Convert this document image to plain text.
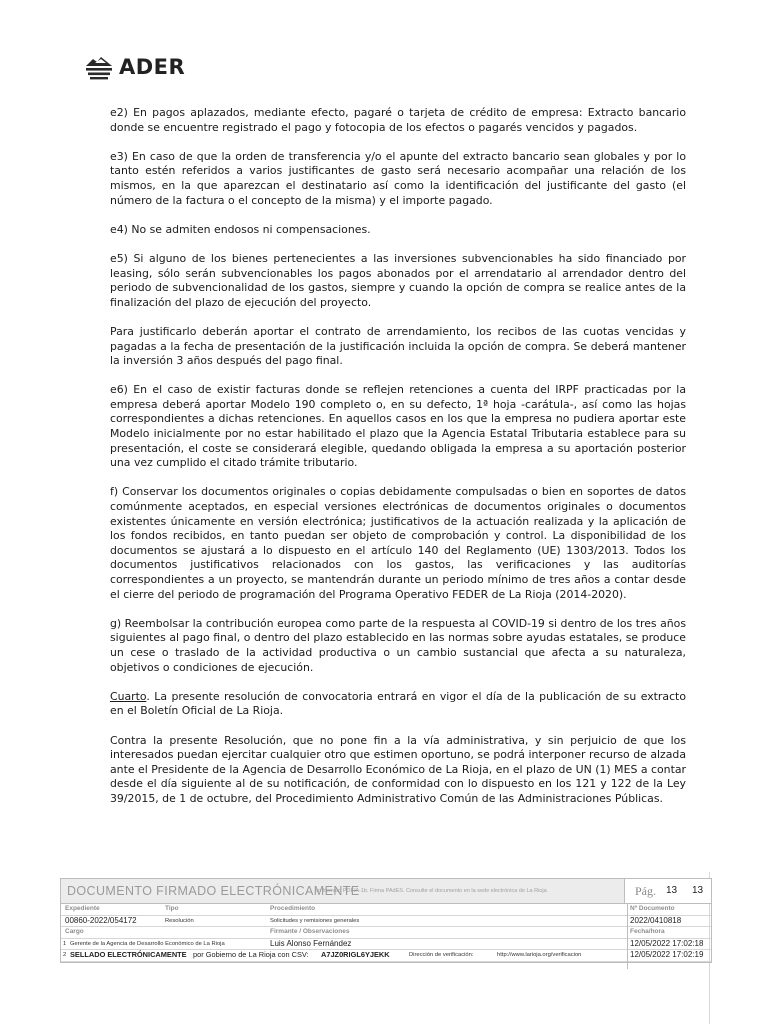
ADER

e2) En pagos aplazados, mediante efecto, pagaré o tarjeta de crédito de empresa: Extracto bancario donde se encuentre registrado el pago y fotocopia de los efectos o pagarés vencidos y pagados.

e3) En caso de que la orden de transferencia y/o el apunte del extracto bancario sean globales y por lo tanto estén referidos a varios justificantes de gasto será necesario acompañar una relación de los mismos, en la que aparezcan el destinatario así como la identificación del justificante del gasto (el número de la factura o el concepto de la misma) y el importe pagado.

e4) No se admiten endosos ni compensaciones.

e5) Si alguno de los bienes pertenecientes a las inversiones subvencionables ha sido financiado por leasing, sólo serán subvencionables los pagos abonados por el arrendatario al arrendador dentro del periodo de subvencionalidad de los gastos, siempre y cuando la opción de compra se realice antes de la finalización del plazo de ejecución del proyecto.

Para justificarlo deberán aportar el contrato de arrendamiento, los recibos de las cuotas vencidas y pagadas a la fecha de presentación de la justificación incluida la opción de compra. Se deberá mantener la inversión 3 años después del pago final.

e6) En el caso de existir facturas donde se reflejen retenciones a cuenta del IRPF practicadas por la empresa deberá aportar Modelo 190 completo o, en su defecto, 1ª hoja -carátula-, así como las hojas correspondientes a dichas retenciones. En aquellos casos en los que la empresa no pudiera aportar este Modelo inicialmente por no estar habilitado el plazo que la Agencia Estatal Tributaria establece para su presentación, el coste se considerará elegible, quedando obligada la empresa a su aportación posterior una vez cumplido el citado trámite tributario.

f) Conservar los documentos originales o copias debidamente compulsadas o bien en soportes de datos comúnmente aceptados, en especial versiones electrónicas de documentos originales o documentos existentes únicamente en versión electrónica; justificativos de la actuación realizada y la aplicación de los fondos recibidos, en tanto puedan ser objeto de comprobación y control. La disponibilidad de los documentos se ajustará a lo dispuesto en el artículo 140 del Reglamento (UE) 1303/2013. Todos los documentos justificativos relacionados con los gastos, las verificaciones y las auditorías correspondientes a un proyecto, se mantendrán durante un periodo mínimo de tres años a contar desde el cierre del periodo de programación del Programa Operativo FEDER de La Rioja (2014-2020).

g) Reembolsar la contribución europea como parte de la respuesta al COVID-19 si dentro de los tres años siguientes al pago final, o dentro del plazo establecido en las normas sobre ayudas estatales, se produce un cese o traslado de la actividad productiva o un cambio sustancial que afecta a su naturaleza, objetivos o condiciones de ejecución.

Cuarto. La presente resolución de convocatoria entrará en vigor el día de la publicación de su extracto en el Boletín Oficial de La Rioja.

Contra la presente Resolución, que no pone fin a la vía administrativa, y sin perjuicio de que los interesados puedan ejercitar cualquier otro que estimen oportuno, se podrá interponer recurso de alzada ante el Presidente de la Agencia de Desarrollo Económico de La Rioja, en el plazo de UN (1) MES a contar desde el día siguiente al de su notificación, de conformidad con lo dispuesto en los 121 y 122 de la Ley 39/2015, de 1 de octubre, del Procedimiento Administrativo Común de las Administraciones Públicas.

DOCUMENTO FIRMADO ELECTRÓNICAMENTE
en formato PDF/A-1b. Firma PAdES. Consulte el documento en la sede electrónica de La Rioja	Pág. 13 13
Expediente	Tipo	Procedimiento	Nº Documento
00860-2022/054172	Resolución	Solicitudes y remisiones generales	2022/0410818
Cargo	Firmante / Observaciones	Fecha/hora
1 Gerente de la Agencia de Desarrollo Económico de La Rioja	Luis Alonso Fernández	12/05/2022 17:02:18
2 SELLADO ELECTRÓNICAMENTE por Gobierno de La Rioja con CSV: A7JZ0RIGL6YJEKK	Dirección de verificación:	http://www.larioja.org/verificacion	12/05/2022 17:02:19
